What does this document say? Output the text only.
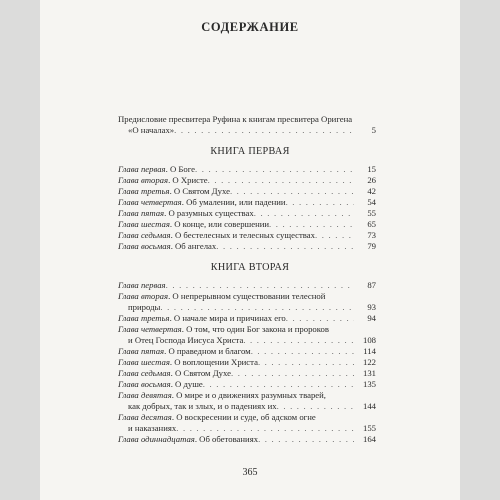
СОДЕРЖАНИЕ
Предисловие пресвитера Руфина к книгам пресвитера Оригена
«О началах» . . .	5
КНИГА ПЕРВАЯ
Глава первая. О Боге . . .	15
Глава вторая. О Христе . . .	26
Глава третья. О Святом Духе . . .	42
Глава четвертая. Об умалении, или падении . . .	54
Глава пятая. О разумных существах . . .	55
Глава шестая. О конце, или совершении . . .	65
Глава седьмая. О бестелесных и телесных существах . . .	73
Глава восьмая. Об ангелах . . .	79
КНИГА ВТОРАЯ
Глава первая . . .	87
Глава вторая. О непрерывном существовании телесной
природы . . .	93
Глава третья. О начале мира и причинах его . . .	94
Глава четвертая. О том, что один Бог закона и пророков
и Отец Господа Иисуса Христа . . .	108
Глава пятая. О праведном и благом . . .	114
Глава шестая. О воплощении Христа . . .	122
Глава седьмая. О Святом Духе . . .	131
Глава восьмая. О душе . . .	135
Глава девятая. О мире и о движениях разумных тварей,
как добрых, так и злых, и о падениях их . . .	144
Глава десятая. О воскресении и суде, об адском огне
и наказаниях . . .	155
Глава одиннадцатая. Об обетованиях . . .	164
365
